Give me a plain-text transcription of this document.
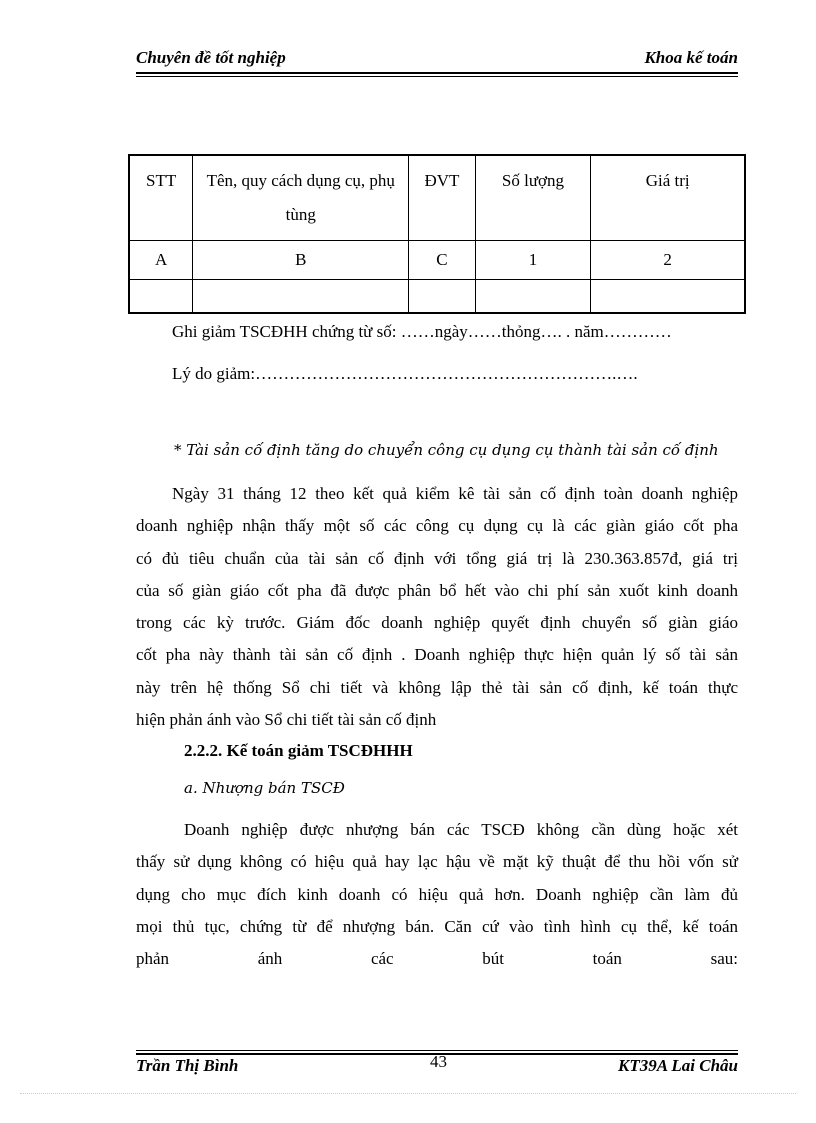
Chuyên đề tốt nghiệp	Khoa kế toán
STT	Tên, quy cách dụng cụ, phụ tùng	ĐVT	Số lượng	Giá trị
A	B	C	1	2

Ghi giảm TSCĐHH chứng từ số: ……ngày……thỏng…. . năm…………
Lý do giảm:……………………………………………………….….
* Tài sản cố định tăng do chuyển công cụ dụng cụ thành tài sản cố định
Ngày 31 tháng 12 theo kết quả kiểm kê tài sản cố định toàn doanh nghiệp
doanh nghiệp nhận thấy một số các công cụ dụng cụ là các giàn giáo cốt pha
có đủ tiêu chuẩn của tài sản cố định với tổng giá trị là 230.363.857đ, giá trị
của số giàn giáo cốt pha đã được phân bổ hết vào chi phí sản xuốt kinh doanh
trong các kỳ trước. Giám đốc doanh nghiệp quyết định chuyển số giàn giáo
cốt pha này thành tài sản cố định . Doanh nghiệp thực hiện quản lý số tài sản
này trên hệ thống Sổ chi tiết và không lập thẻ tài sản cố định, kế toán thực
hiện phản ánh vào Sổ chi tiết tài sản cố định
2.2.2. Kế toán giảm TSCĐHHH
a. Nhượng bán TSCĐ
Doanh nghiệp được nhượng bán các TSCĐ không cần dùng hoặc xét
thấy sử dụng không có hiệu quả hay lạc hậu về mặt kỹ thuật để thu hồi vốn sử
dụng cho mục đích kinh doanh có hiệu quả hơn. Doanh nghiệp cần làm đủ
mọi thủ tục, chứng từ để nhượng bán. Căn cứ vào tình hình cụ thể, kế toán
phản ánh các bút toán sau:
Trần Thị Bình	43	KT39A Lai Châu
